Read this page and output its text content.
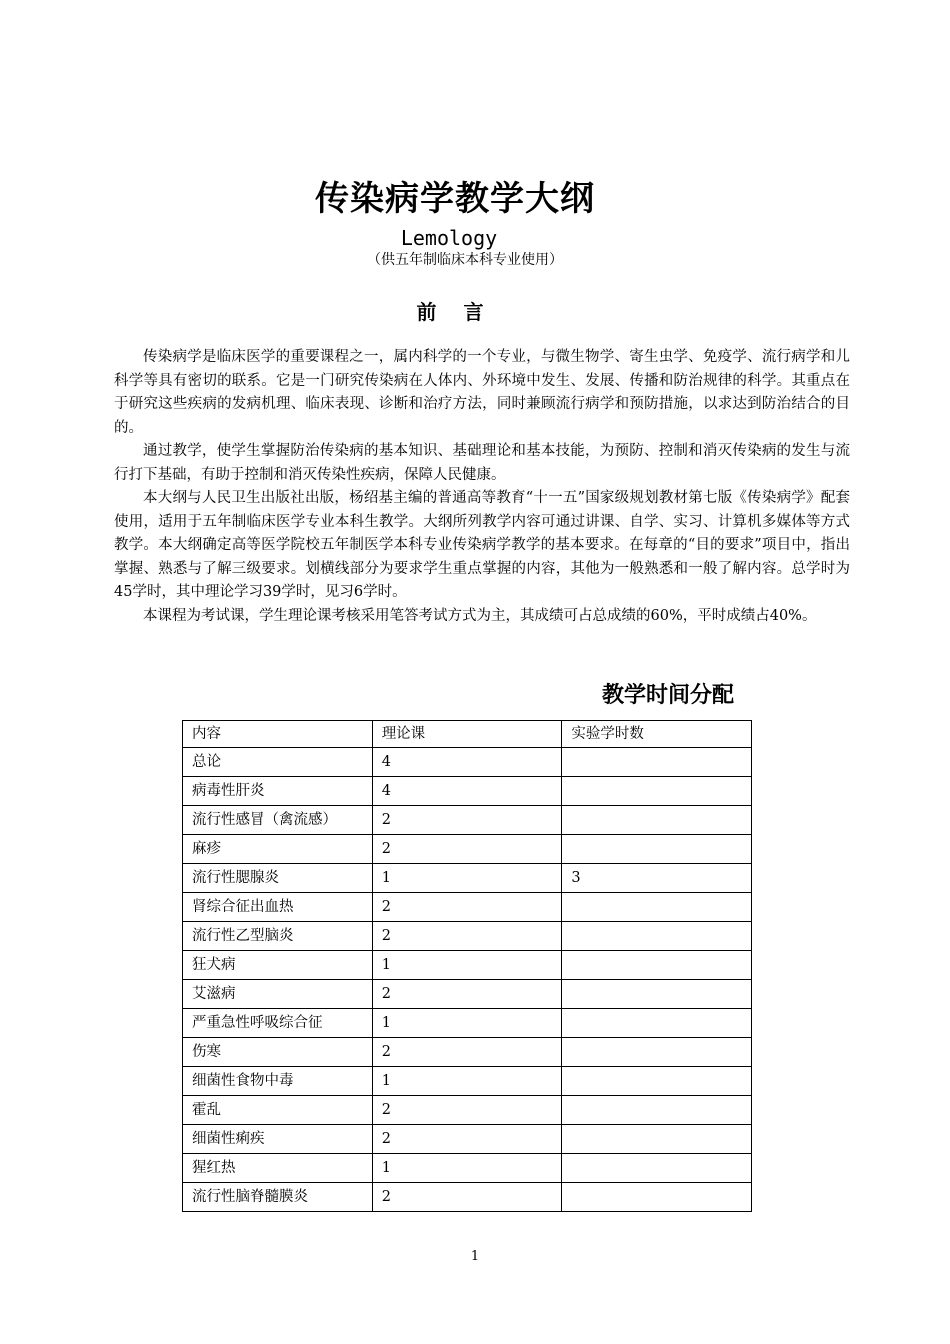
传染病学教学大纲
Lemology
（供五年制临床本科专业使用）
前 言

传染病学是临床医学的重要课程之一，属内科学的一个专业，与微生物学、寄生虫学、免疫学、流行病学和儿科学等具有密切的联系。它是一门研究传染病在人体内、外环境中发生、发展、传播和防治规律的科学。其重点在于研究这些疾病的发病机理、临床表现、诊断和治疗方法，同时兼顾流行病学和预防措施，以求达到防治结合的目的。

通过教学，使学生掌握防治传染病的基本知识、基础理论和基本技能，为预防、控制和消灭传染病的发生与流行打下基础，有助于控制和消灭传染性疾病，保障人民健康。

本大纲与人民卫生出版社出版，杨绍基主编的普通高等教育“十一五”国家级规划教材第七版《传染病学》配套使用，适用于五年制临床医学专业本科生教学。大纲所列教学内容可通过讲课、自学、实习、计算机多媒体等方式教学。本大纲确定高等医学院校五年制医学本科专业传染病学教学的基本要求。在每章的“目的要求”项目中，指出掌握、熟悉与了解三级要求。划横线部分为要求学生重点掌握的内容，其他为一般熟悉和一般了解内容。总学时为45学时，其中理论学习39学时，见习6学时。

本课程为考试课，学生理论课考核采用笔答考试方式为主，其成绩可占总成绩的60%，平时成绩占40%。

教学时间分配
内容	理论课	实验学时数
总论	4	
病毒性肝炎	4	
流行性感冒（禽流感）	2	
麻疹	2	
流行性腮腺炎	1	3
肾综合征出血热	2	
流行性乙型脑炎	2	
狂犬病	1	
艾滋病	2	
严重急性呼吸综合征	1	
伤寒	2	
细菌性食物中毒	1	
霍乱	2	
细菌性痢疾	2	
猩红热	1	
流行性脑脊髓膜炎	2	
1
